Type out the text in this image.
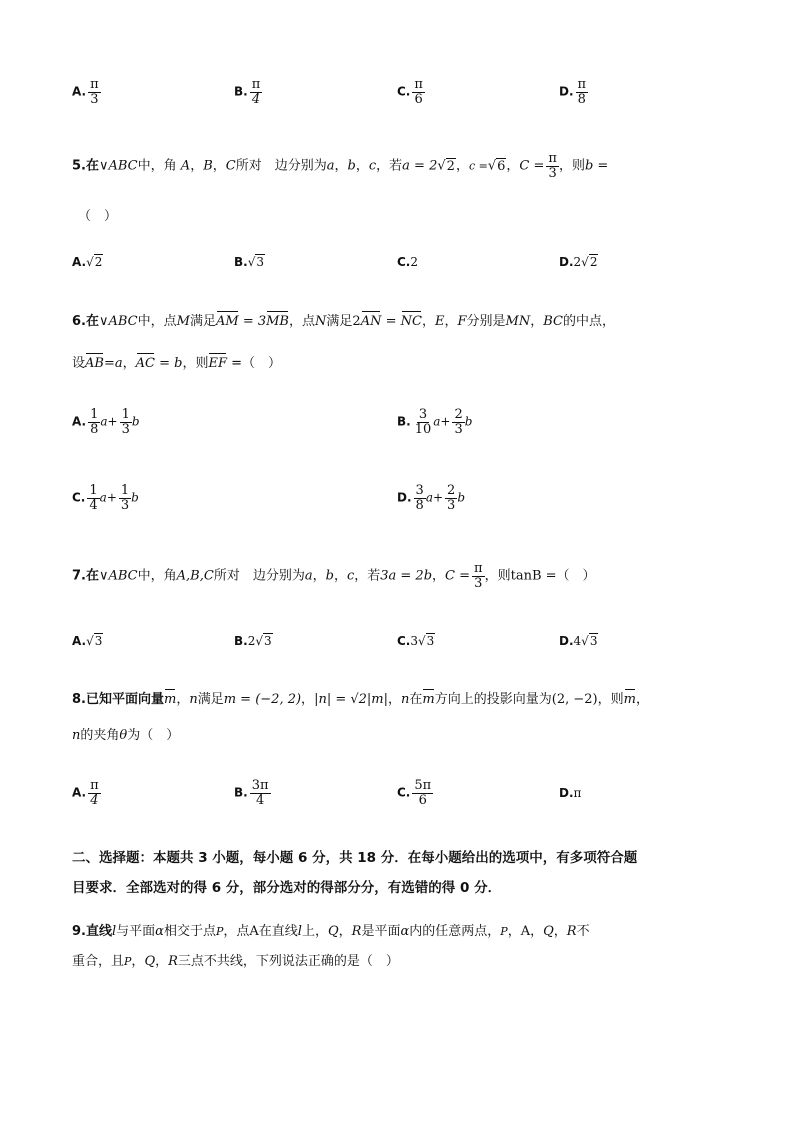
A. $\frac{\pi}{3}$	B. $\frac{\pi}{4}$	C. $\frac{\pi}{6}$	D. $\frac{\pi}{8}$
5.在∨ABC中，角 A，B，C所对　边分别为a，b，c，若a = 2√2，c =√6，$C = \frac{\pi}{3}$ ，则b =
（　）
A.√2	B.√3	C.2	D.2√2
6.在∨ABC中，点M满足AM = 3MB，点N满足2AN = NC，E，F分别是MN，BC的中点，
设AB=a，AC = b，则EF =（　）
A. $\frac{1}{8} a+ \frac{1}{3}$ b	B. $\frac{3}{10} a+ \frac{2}{3}$ b
C. $\frac{1}{4} a+ \frac{1}{3}$ b	D. $\frac{3}{8} a+ \frac{2}{3}$ b
7.在∨ABC中，角A,B,C所对　边分别为a，b，c，若3a = 2b，$C = \frac{\pi}{3}$ ，则tanB =（　）
A.√3	B.2√3	C.3√3	D.4√3
8.已知平面向量m，n满足m = (−2, 2)，|n| = √2|m|，n在m方向上的投影向量为(2, −2)，则m，
n的夹角θ为（　）
A. $\frac{\pi}{4}$	B. $\frac{3\pi}{4}$	C. $\frac{5\pi}{6}$	D.π
二、选择题：本题共 3 小题，每小题 6 分，共 18 分．在每小题给出的选项中，有多项符合题
目要求．全部选对的得 6 分，部分选对的得部分分，有选错的得 0 分．
9.直线l与平面α相交于点P，点A在直线l上，Q，R是平面α内的任意两点，P，A，Q，R不
重合，且P，Q，R三点不共线，下列说法正确的是（　）
